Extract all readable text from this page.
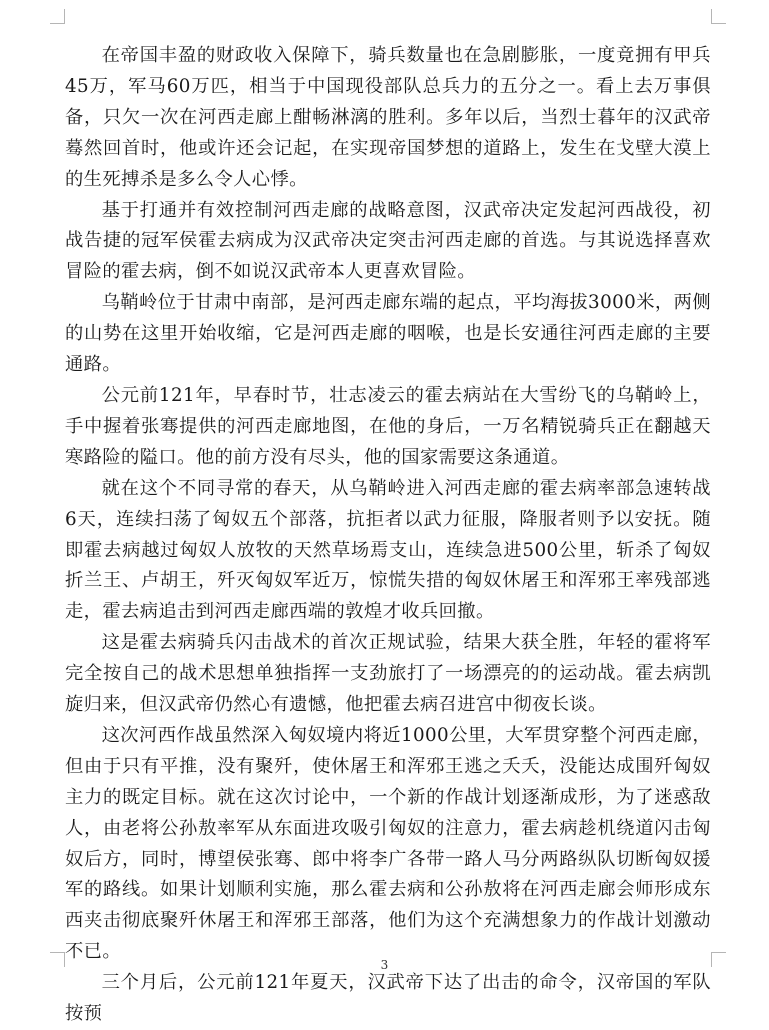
在帝国丰盈的财政收入保障下，骑兵数量也在急剧膨胀，一度竟拥有甲兵45万，军马60万匹，相当于中国现役部队总兵力的五分之一。看上去万事俱备，只欠一次在河西走廊上酣畅淋漓的胜利。多年以后，当烈士暮年的汉武帝蓦然回首时，他或许还会记起，在实现帝国梦想的道路上，发生在戈壁大漠上的生死搏杀是多么令人心悸。

基于打通并有效控制河西走廊的战略意图，汉武帝决定发起河西战役，初战告捷的冠军侯霍去病成为汉武帝决定突击河西走廊的首选。与其说选择喜欢冒险的霍去病，倒不如说汉武帝本人更喜欢冒险。

乌鞘岭位于甘肃中南部，是河西走廊东端的起点，平均海拔3000米，两侧的山势在这里开始收缩，它是河西走廊的咽喉，也是长安通往河西走廊的主要通路。

公元前121年，早春时节，壮志凌云的霍去病站在大雪纷飞的乌鞘岭上，手中握着张骞提供的河西走廊地图，在他的身后，一万名精锐骑兵正在翻越天寒路险的隘口。他的前方没有尽头，他的国家需要这条通道。

就在这个不同寻常的春天，从乌鞘岭进入河西走廊的霍去病率部急速转战6天，连续扫荡了匈奴五个部落，抗拒者以武力征服，降服者则予以安抚。随即霍去病越过匈奴人放牧的天然草场焉支山，连续急进500公里，斩杀了匈奴折兰王、卢胡王，歼灭匈奴军近万，惊慌失措的匈奴休屠王和浑邪王率残部逃走，霍去病追击到河西走廊西端的敦煌才收兵回撤。

这是霍去病骑兵闪击战术的首次正规试验，结果大获全胜，年轻的霍将军完全按自己的战术思想单独指挥一支劲旅打了一场漂亮的的运动战。霍去病凯旋归来，但汉武帝仍然心有遗憾，他把霍去病召进宫中彻夜长谈。

这次河西作战虽然深入匈奴境内将近1000公里，大军贯穿整个河西走廊，但由于只有平推，没有聚歼，使休屠王和浑邪王逃之夭夭，没能达成围歼匈奴主力的既定目标。就在这次讨论中，一个新的作战计划逐渐成形，为了迷惑敌人，由老将公孙敖率军从东面进攻吸引匈奴的注意力，霍去病趁机绕道闪击匈奴后方，同时，博望侯张骞、郎中将李广各带一路人马分两路纵队切断匈奴援军的路线。如果计划顺利实施，那么霍去病和公孙敖将在河西走廊会师形成东西夹击彻底聚歼休屠王和浑邪王部落，他们为这个充满想象力的作战计划激动不已。

三个月后，公元前121年夏天，汉武帝下达了出击的命令，汉帝国的军队按预

3
